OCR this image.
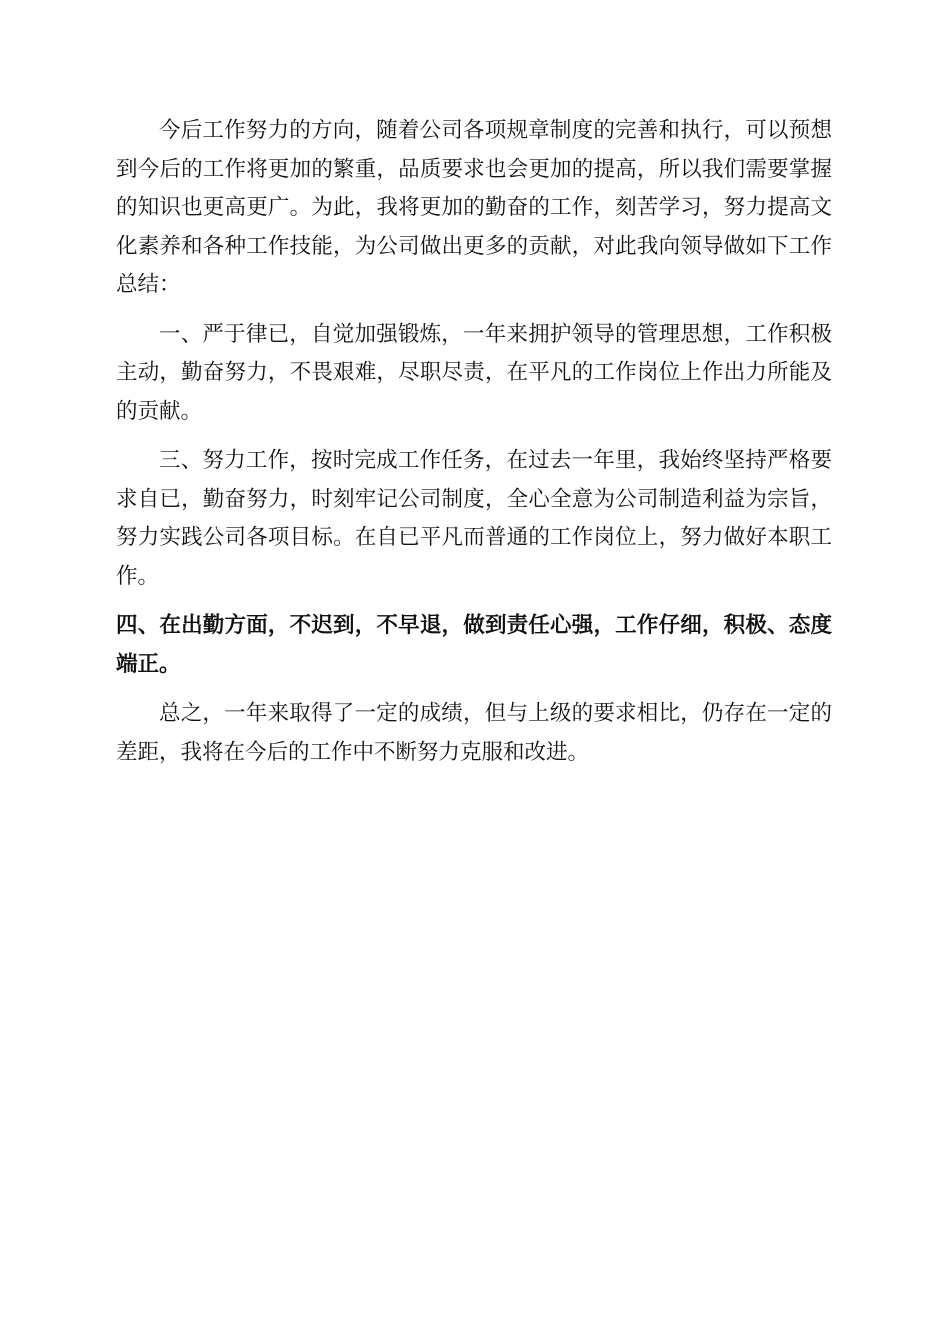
今后工作努力的方向，随着公司各项规章制度的完善和执行，可以预想到今后的工作将更加的繁重，品质要求也会更加的提高，所以我们需要掌握的知识也更高更广。为此，我将更加的勤奋的工作，刻苦学习，努力提高文化素养和各种工作技能，为公司做出更多的贡献，对此我向领导做如下工作总结：

一、严于律已，自觉加强锻炼，一年来拥护领导的管理思想，工作积极主动，勤奋努力，不畏艰难，尽职尽责，在平凡的工作岗位上作出力所能及的贡献。

三、努力工作，按时完成工作任务，在过去一年里，我始终坚持严格要求自已，勤奋努力，时刻牢记公司制度，全心全意为公司制造利益为宗旨，努力实践公司各项目标。在自已平凡而普通的工作岗位上，努力做好本职工作。

四、在出勤方面，不迟到，不早退，做到责任心强，工作仔细，积极、态度端正。

总之，一年来取得了一定的成绩，但与上级的要求相比，仍存在一定的差距，我将在今后的工作中不断努力克服和改进。
